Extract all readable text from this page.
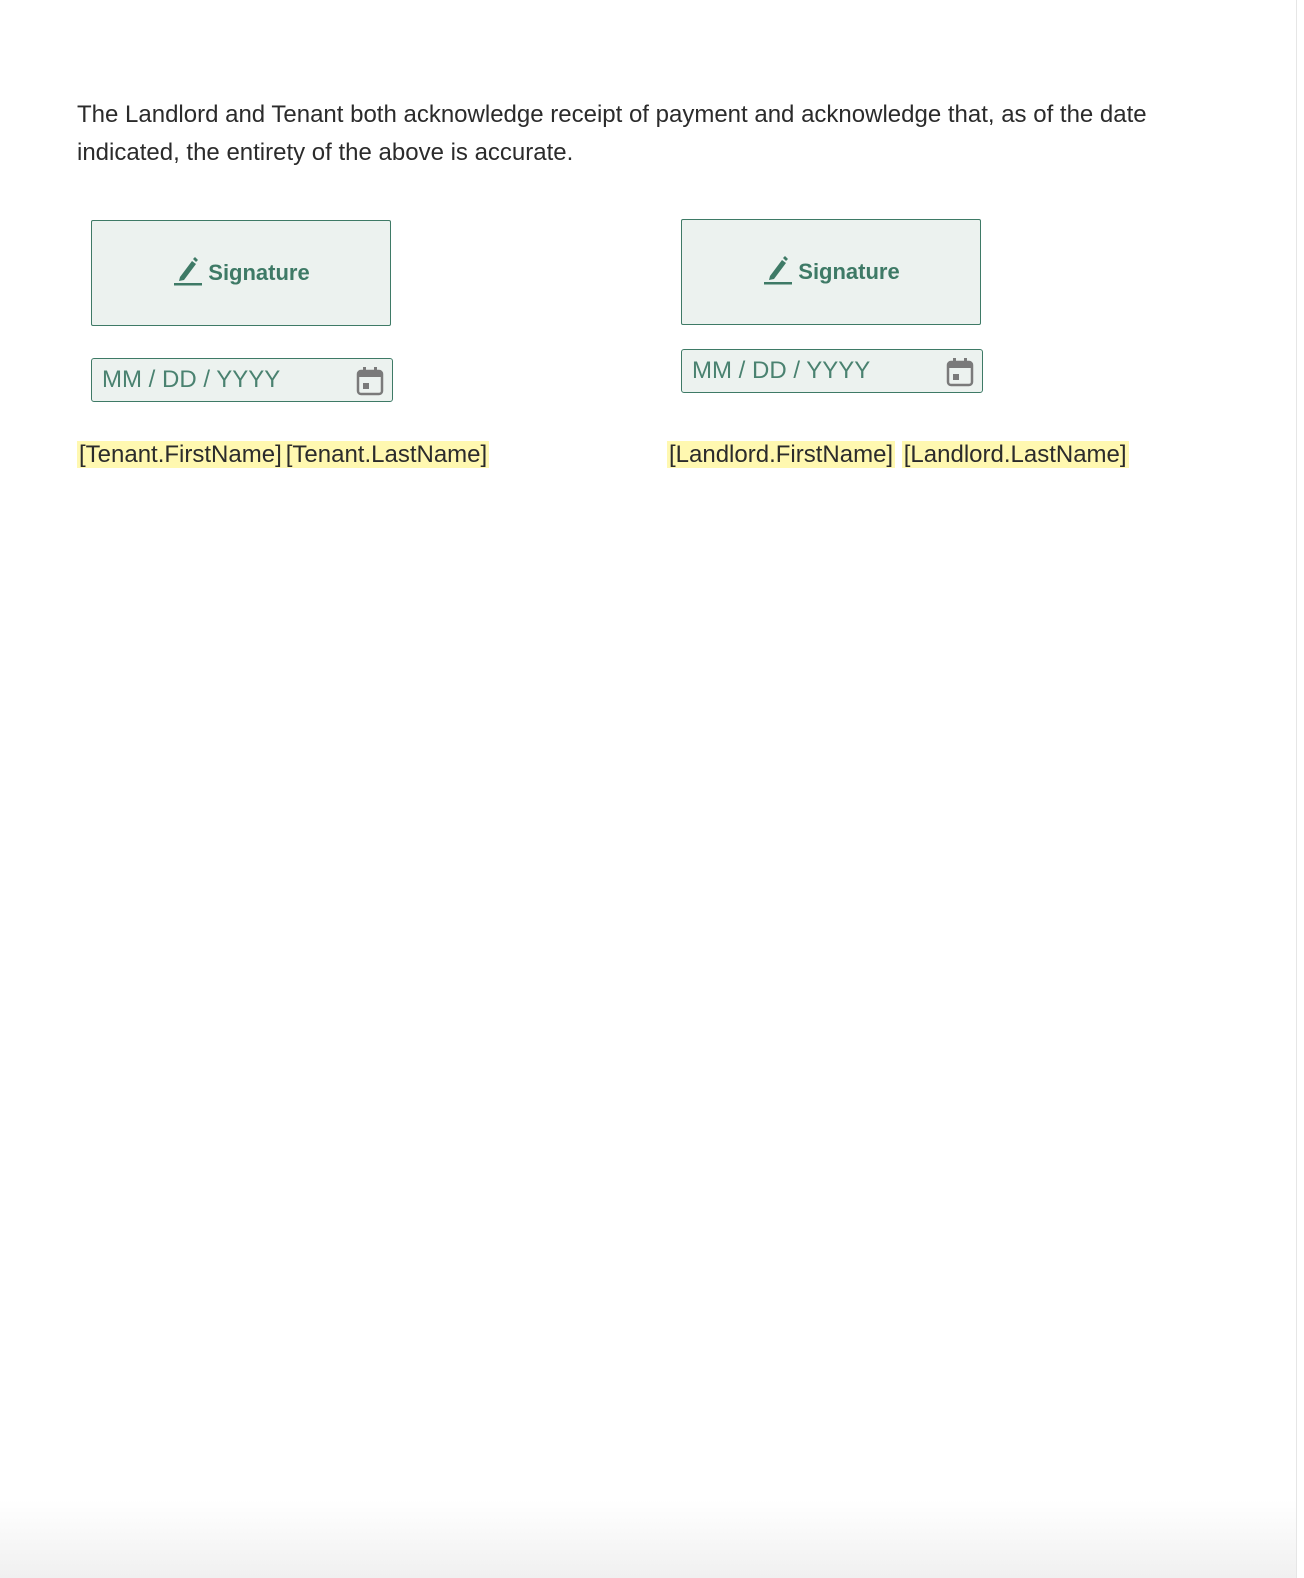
The Landlord and Tenant both acknowledge receipt of payment and acknowledge that, as of the date indicated, the entirety of the above is accurate.

Signature
MM / DD / YYYY
[Tenant.FirstName] [Tenant.LastName]
Signature
MM / DD / YYYY
[Landlord.FirstName] [Landlord.LastName]
